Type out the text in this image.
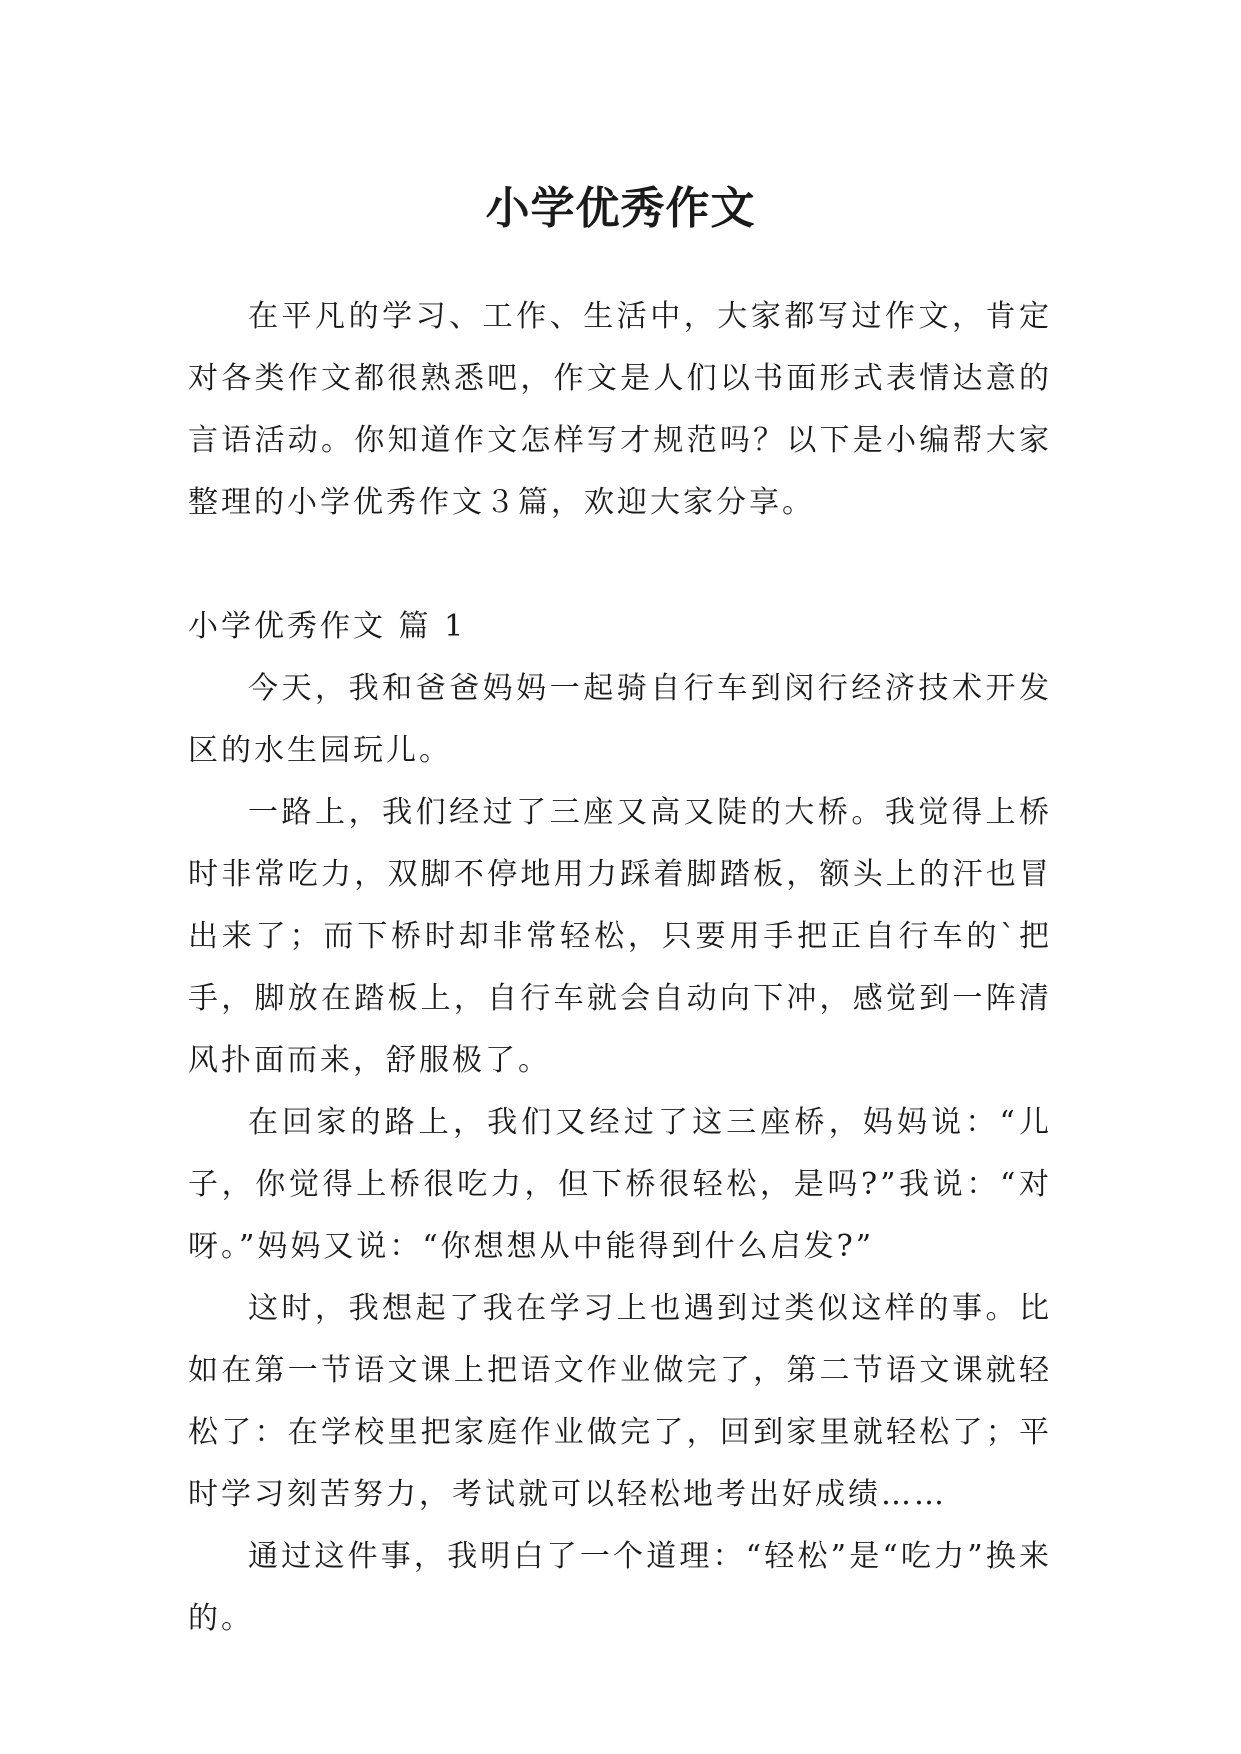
小学优秀作文

在平凡的学习、工作、生活中，大家都写过作文，肯定对各类作文都很熟悉吧，作文是人们以书面形式表情达意的言语活动。你知道作文怎样写才规范吗？以下是小编帮大家整理的小学优秀作文３篇，欢迎大家分享。

小学优秀作文 篇 1

今天，我和爸爸妈妈一起骑自行车到闵行经济技术开发区的水生园玩儿。

一路上，我们经过了三座又高又陡的大桥。我觉得上桥时非常吃力，双脚不停地用力踩着脚踏板，额头上的汗也冒出来了；而下桥时却非常轻松，只要用手把正自行车的`把手，脚放在踏板上，自行车就会自动向下冲，感觉到一阵清风扑面而来，舒服极了。

在回家的路上，我们又经过了这三座桥，妈妈说：“儿子，你觉得上桥很吃力，但下桥很轻松，是吗?”我说：“对呀。”妈妈又说：“你想想从中能得到什么启发?”

这时，我想起了我在学习上也遇到过类似这样的事。比如在第一节语文课上把语文作业做完了，第二节语文课就轻松了：在学校里把家庭作业做完了，回到家里就轻松了；平时学习刻苦努力，考试就可以轻松地考出好成绩……

通过这件事，我明白了一个道理：“轻松”是“吃力”换来的。
